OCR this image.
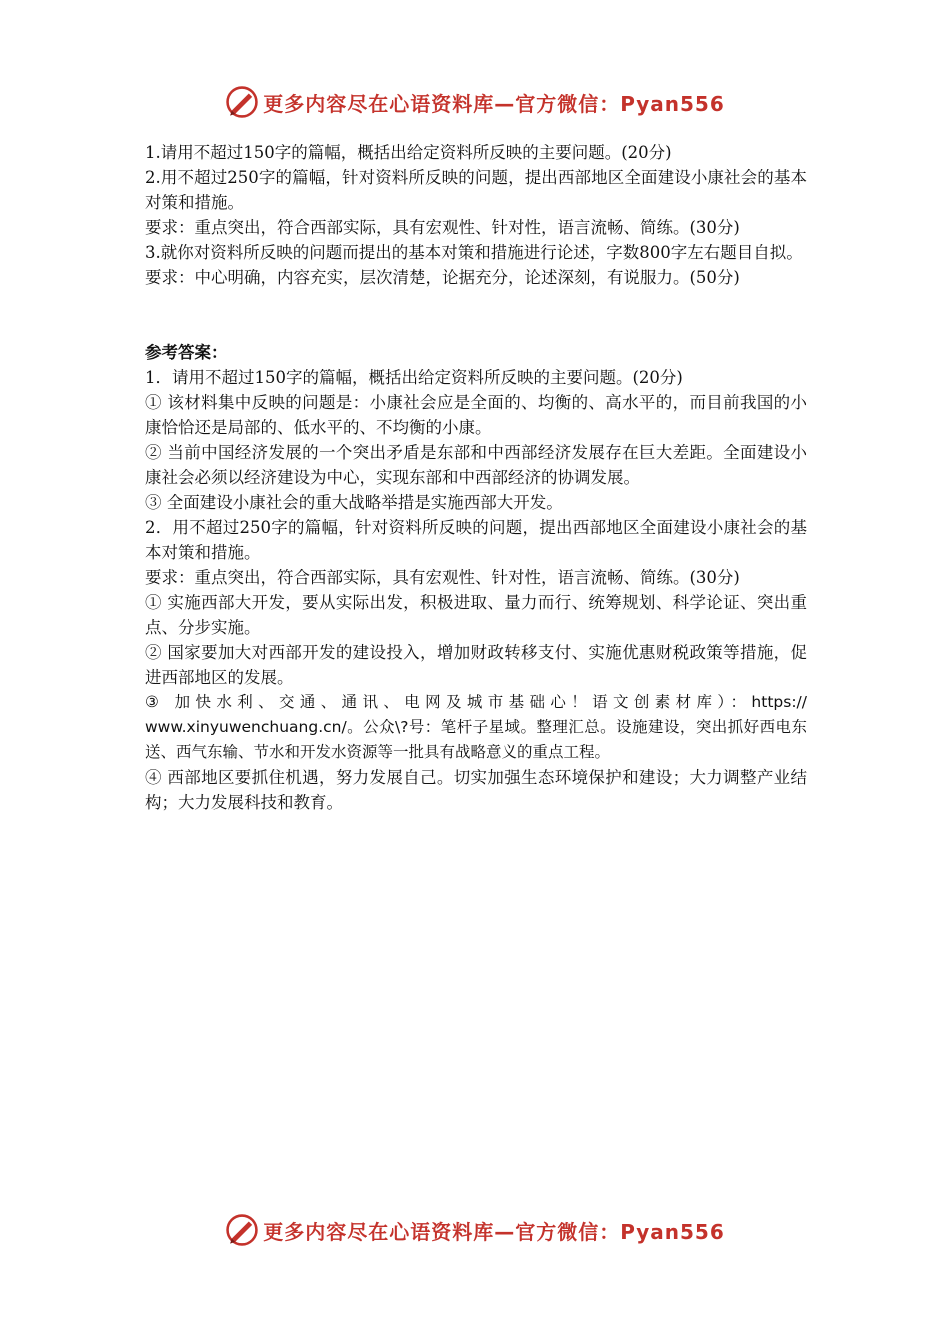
更多内容尽在心语资料库—官方微信：Pyan556

1.请用不超过150字的篇幅，概括出给定资料所反映的主要问题。(20分)

2.用不超过250字的篇幅，针对资料所反映的问题，提出西部地区全面建设小康社会的基本对策和措施。

要求：重点突出，符合西部实际，具有宏观性、针对性，语言流畅、简练。(30分)

3.就你对资料所反映的问题而提出的基本对策和措施进行论述，字数800字左右题目自拟。

要求：中心明确，内容充实，层次清楚，论据充分，论述深刻，有说服力。(50分)

参考答案：

1．请用不超过150字的篇幅，概括出给定资料所反映的主要问题。(20分)

① 该材料集中反映的问题是：小康社会应是全面的、均衡的、高水平的，而目前我国的小康恰恰还是局部的、低水平的、不均衡的小康。

② 当前中国经济发展的一个突出矛盾是东部和中西部经济发展存在巨大差距。全面建设小康社会必须以经济建设为中心，实现东部和中西部经济的协调发展。

③ 全面建设小康社会的重大战略举措是实施西部大开发。

2．用不超过250字的篇幅，针对资料所反映的问题，提出西部地区全面建设小康社会的基本对策和措施。

要求：重点突出，符合西部实际，具有宏观性、针对性，语言流畅、简练。(30分)

① 实施西部大开发，要从实际出发，积极进取、量力而行、统筹规划、科学论证、突出重点、分步实施。

② 国家要加大对西部开发的建设投入，增加财政转移支付、实施优惠财税政策等措施，促进西部地区的发展。

③ 加快水利、交通、通讯、电网及城市基础心！语文创素材库）：https:// www.xinyuwenchuang.cn/。公众\?号：笔杆子星域。整理汇总。设施建设，突出抓好西电东送、西气东输、节水和开发水资源等一批具有战略意义的重点工程。

④ 西部地区要抓住机遇，努力发展自己。切实加强生态环境保护和建设；大力调整产业结构；大力发展科技和教育。

更多内容尽在心语资料库—官方微信：Pyan556
